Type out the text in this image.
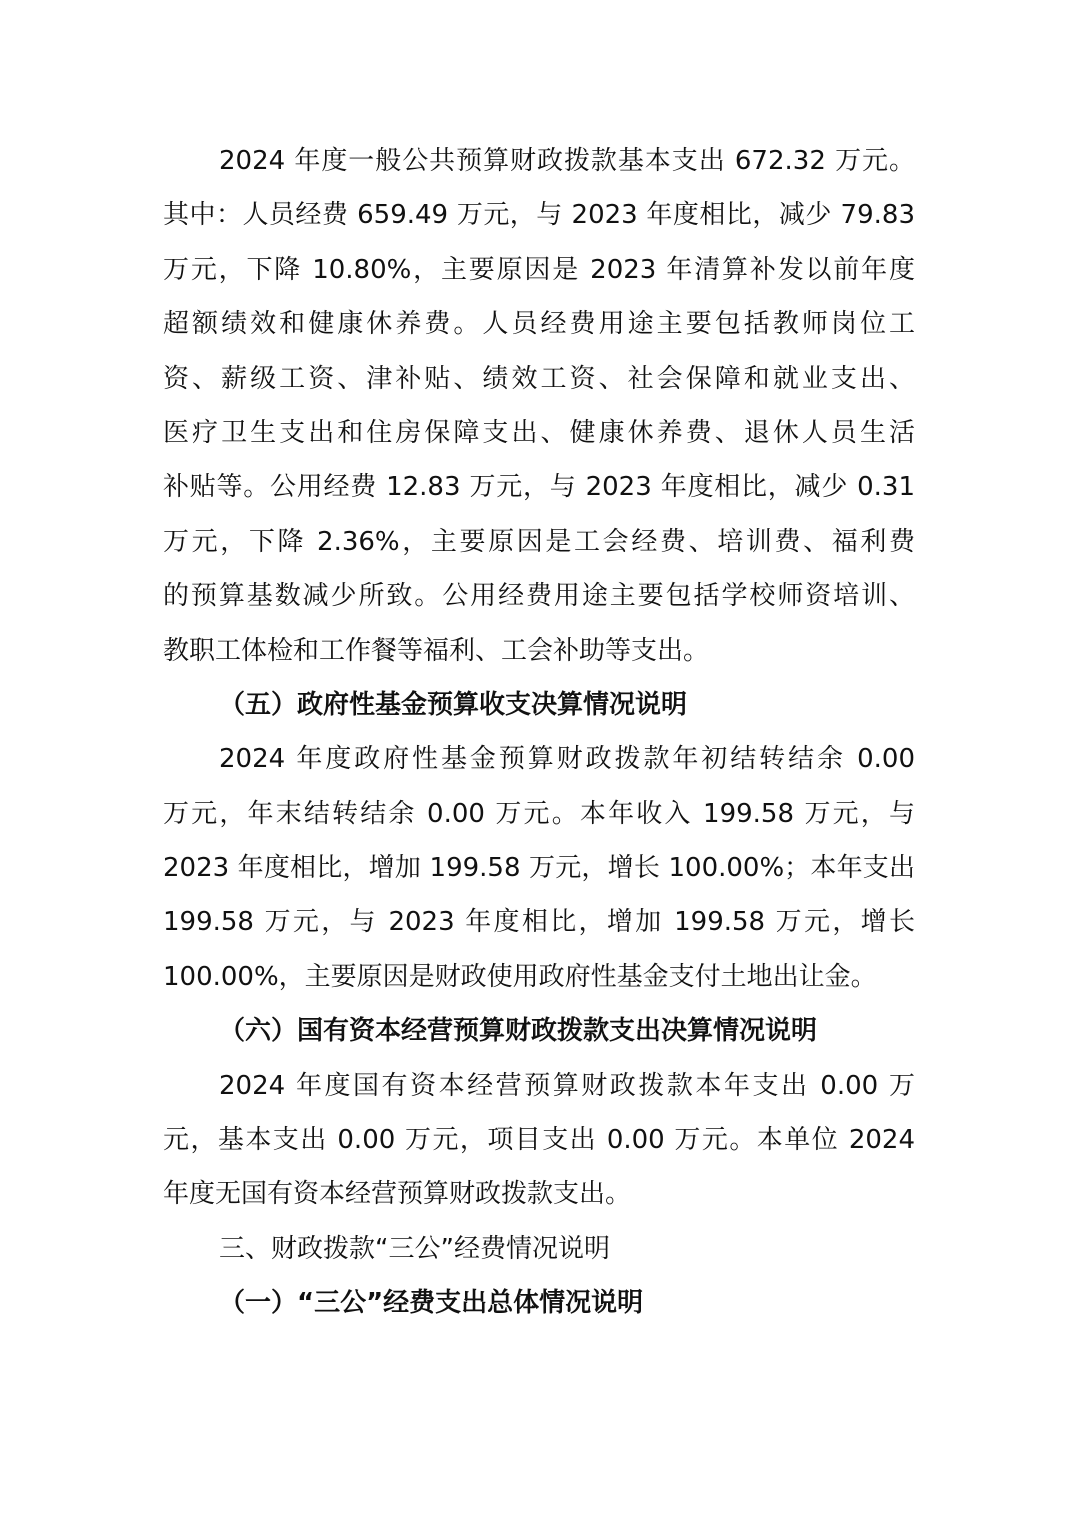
2024 年度一般公共预算财政拨款基本支出 672.32 万元。
其中：人员经费 659.49 万元，与 2023 年度相比，减少 79.83
万元，下降 10.80%，主要原因是 2023 年清算补发以前年度
超额绩效和健康休养费。人员经费用途主要包括教师岗位工
资、薪级工资、津补贴、绩效工资、社会保障和就业支出、
医疗卫生支出和住房保障支出、健康休养费、退休人员生活
补贴等。公用经费 12.83 万元，与 2023 年度相比，减少 0.31
万元，下降 2.36%，主要原因是工会经费、培训费、福利费
的预算基数减少所致。公用经费用途主要包括学校师资培训、
教职工体检和工作餐等福利、工会补助等支出。
（五）政府性基金预算收支决算情况说明
2024 年度政府性基金预算财政拨款年初结转结余 0.00
万元，年末结转结余 0.00 万元。本年收入 199.58 万元，与
2023 年度相比，增加 199.58 万元，增长 100.00%；本年支出
199.58 万元，与 2023 年度相比，增加 199.58 万元，增长
100.00%，主要原因是财政使用政府性基金支付土地出让金。
（六）国有资本经营预算财政拨款支出决算情况说明
2024 年度国有资本经营预算财政拨款本年支出 0.00 万
元，基本支出 0.00 万元，项目支出 0.00 万元。本单位 2024
年度无国有资本经营预算财政拨款支出。
三、财政拨款“三公”经费情况说明
（一）“三公”经费支出总体情况说明
